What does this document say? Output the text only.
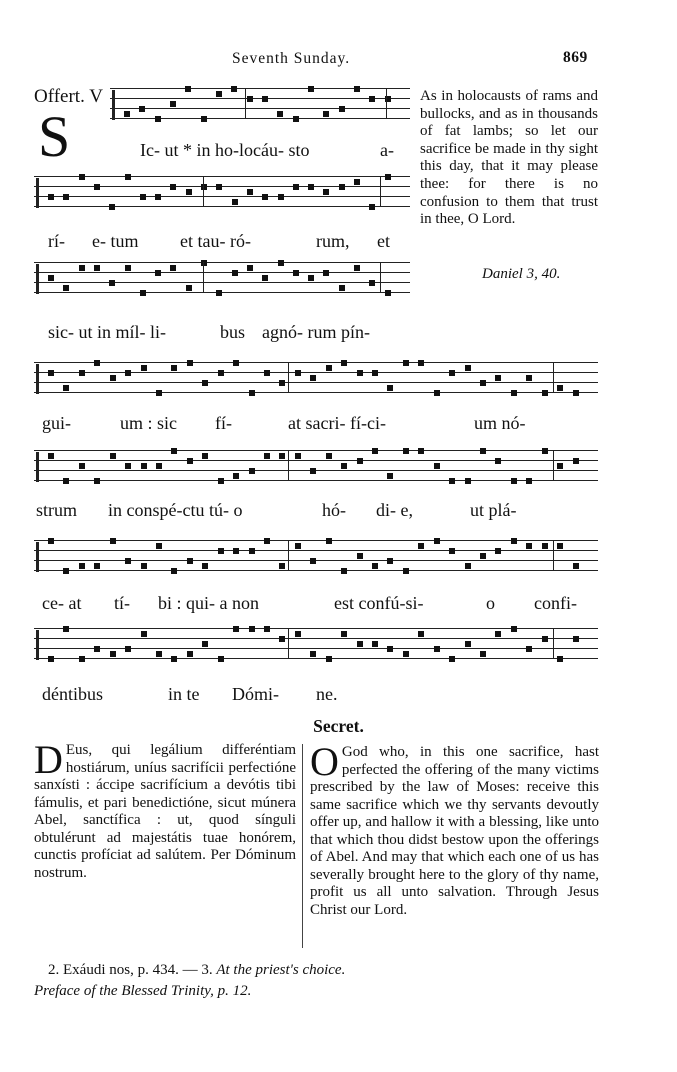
Seventh Sunday.	869
Offert. V
S	Ic- ut * in ho-locáu- sto	a-
rí- e- tum et tau- ró-	rum, et
sic- ut in míl- li-	bus agnó- rum pín-
gui-	um : sic fí-	at sacri- fí-ci-	um nó-
strum in conspé-ctu tú- o	hó- di- e,	ut plá-
ce- at tí- bi : qui- a non	est confú-si-	o confi-
déntibus	in te Dómi- ne.
As in holocausts of rams and bullocks, and as in thousands of fat lambs; so let our sacrifice be made in thy sight this day, that it may please thee: for there is no confusion to them that trust in thee, O Lord.
Daniel 3, 40.
Secret.
D Eus, qui legálium differéntiam hostiárum, uníus sacrifícii perfectióne sanxísti : áccipe sacrifícium a devótis tibi fámulis, et pari benedictióne, sicut múnera Abel, sanctífica : ut, quod sínguli obtulérunt ad majestátis tuae honórem, cunctis profíciat ad salútem. Per Dóminum nostrum.
O God who, in this one sacrifice, hast perfected the offering of the many victims prescribed by the law of Moses: receive this same sacrifice which we thy servants devoutly offer up, and hallow it with a blessing, like unto that which thou didst bestow upon the offerings of Abel. And may that which each one of us has severally brought here to the glory of thy name, profit us all unto salvation. Through Jesus Christ our Lord.
2. Exáudi nos, p. 434. — 3. At the priest's choice.
Preface of the Blessed Trinity, p. 12.
